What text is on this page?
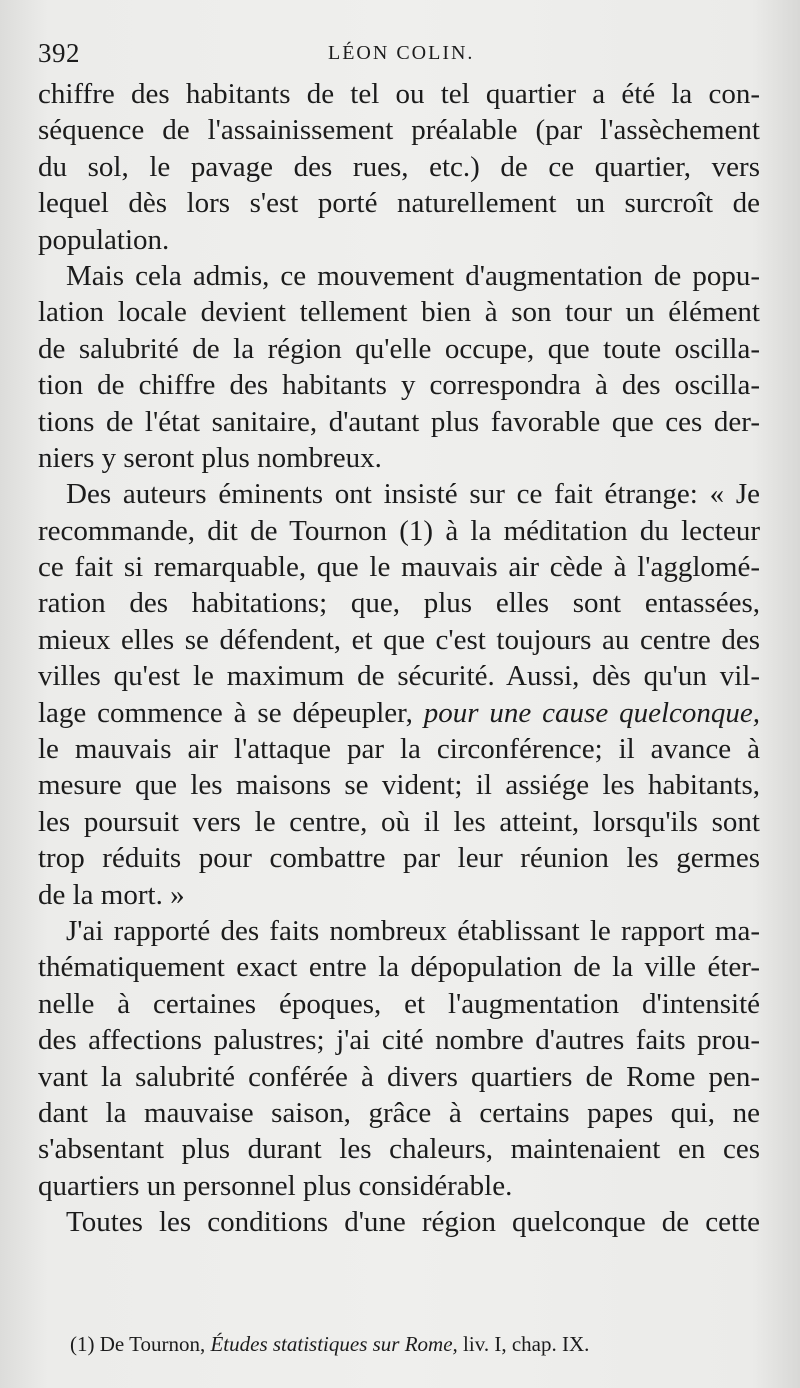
392	LÉON COLIN.
chiffre des habitants de tel ou tel quartier a été la con-
séquence de l'assainissement préalable (par l'assèchement
du sol, le pavage des rues, etc.) de ce quartier, vers
lequel dès lors s'est porté naturellement un surcroît de
population.
Mais cela admis, ce mouvement d'augmentation de popu-
lation locale devient tellement bien à son tour un élément
de salubrité de la région qu'elle occupe, que toute oscilla-
tion de chiffre des habitants y correspondra à des oscilla-
tions de l'état sanitaire, d'autant plus favorable que ces der-
niers y seront plus nombreux.
Des auteurs éminents ont insisté sur ce fait étrange: « Je
recommande, dit de Tournon (1) à la méditation du lecteur
ce fait si remarquable, que le mauvais air cède à l'agglomé-
ration des habitations; que, plus elles sont entassées,
mieux elles se défendent, et que c'est toujours au centre des
villes qu'est le maximum de sécurité. Aussi, dès qu'un vil-
lage commence à se dépeupler, pour une cause quelconque,
le mauvais air l'attaque par la circonférence; il avance à
mesure que les maisons se vident; il assiége les habitants,
les poursuit vers le centre, où il les atteint, lorsqu'ils sont
trop réduits pour combattre par leur réunion les germes
de la mort. »
J'ai rapporté des faits nombreux établissant le rapport ma-
thématiquement exact entre la dépopulation de la ville éter-
nelle à certaines époques, et l'augmentation d'intensité
des affections palustres; j'ai cité nombre d'autres faits prou-
vant la salubrité conférée à divers quartiers de Rome pen-
dant la mauvaise saison, grâce à certains papes qui, ne
s'absentant plus durant les chaleurs, maintenaient en ces
quartiers un personnel plus considérable.
Toutes les conditions d'une région quelconque de cette
(1) De Tournon, Études statistiques sur Rome, liv. I, chap. IX.
